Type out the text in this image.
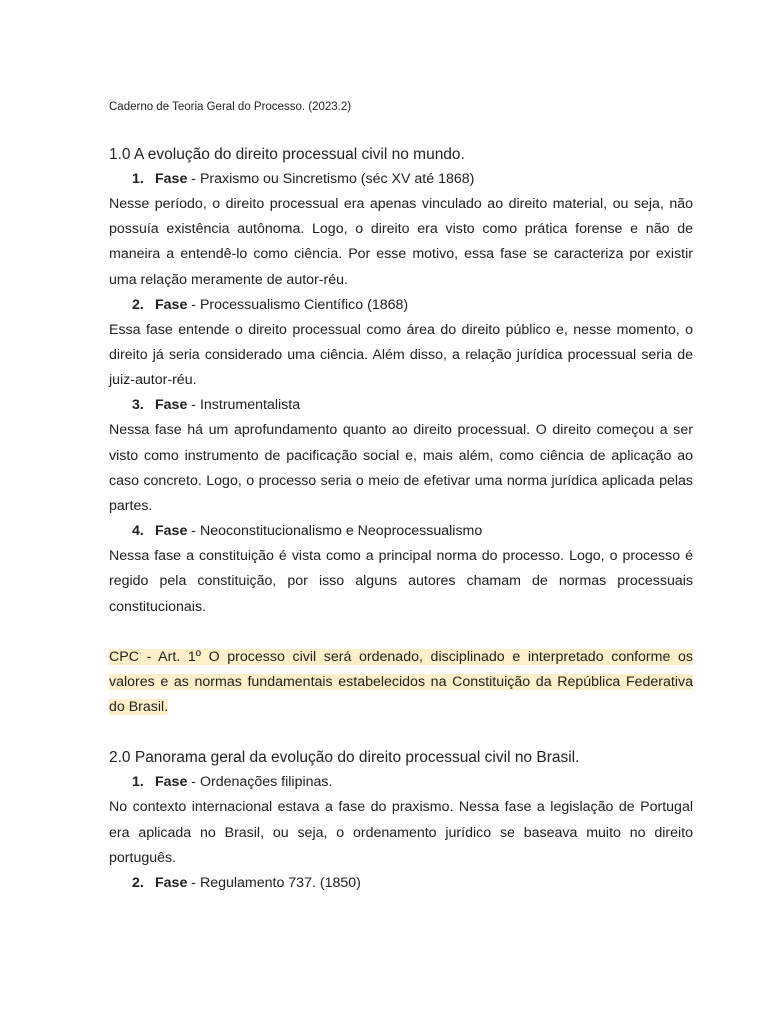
Caderno de Teoria Geral do Processo. (2023.2)

1.0 A evolução do direito processual civil no mundo.

1. Fase - Praxismo ou Sincretismo (séc XV até 1868)

Nesse período, o direito processual era apenas vinculado ao direito material, ou seja, não possuía existência autônoma. Logo, o direito era visto como prática forense e não de maneira a entendê-lo como ciência. Por esse motivo, essa fase se caracteriza por existir uma relação meramente de autor-réu.

2. Fase - Processualismo Científico (1868)

Essa fase entende o direito processual como área do direito público e, nesse momento, o direito já seria considerado uma ciência. Além disso, a relação jurídica processual seria de juiz-autor-réu.

3. Fase - Instrumentalista

Nessa fase há um aprofundamento quanto ao direito processual. O direito começou a ser visto como instrumento de pacificação social e, mais além, como ciência de aplicação ao caso concreto. Logo, o processo seria o meio de efetivar uma norma jurídica aplicada pelas partes.

4. Fase - Neoconstitucionalismo e Neoprocessualismo

Nessa fase a constituição é vista como a principal norma do processo. Logo, o processo é regido pela constituição, por isso alguns autores chamam de normas processuais constitucionais.

CPC - Art. 1º O processo civil será ordenado, disciplinado e interpretado conforme os valores e as normas fundamentais estabelecidos na Constituição da República Federativa do Brasil.

2.0 Panorama geral da evolução do direito processual civil no Brasil.

1. Fase - Ordenações filipinas.

No contexto internacional estava a fase do praxismo. Nessa fase a legislação de Portugal era aplicada no Brasil, ou seja, o ordenamento jurídico se baseava muito no direito português.

2. Fase - Regulamento 737. (1850)
